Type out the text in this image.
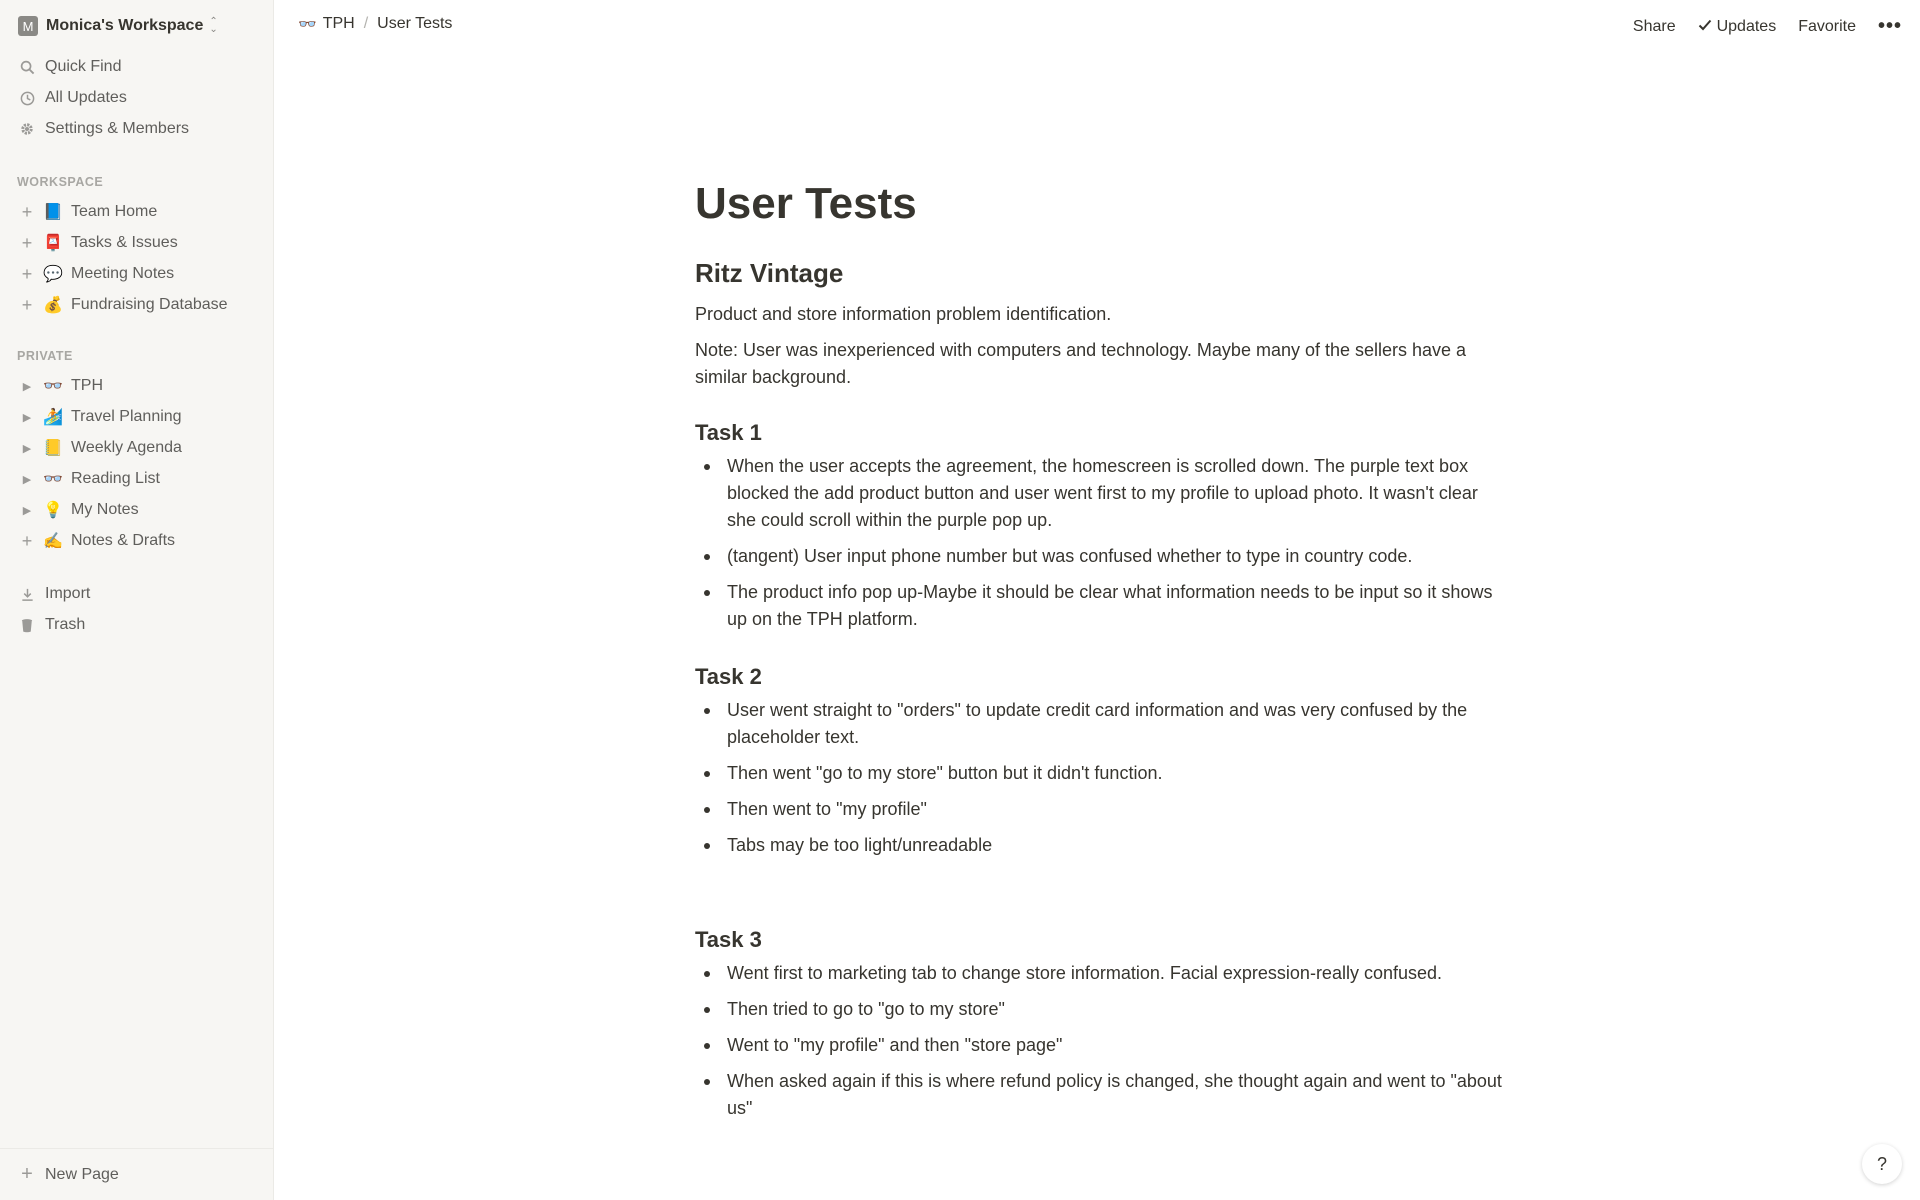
M Monica's Workspace ⌃
⌄
Quick Find
All Updates
Settings & Members
WORKSPACE
+ 📘 Team Home
+ 📮 Tasks & Issues
+ 💬 Meeting Notes
+ 💰 Fundraising Database
PRIVATE
▶ 👓 TPH
▶ 🏄 Travel Planning
▶ 📒 Weekly Agenda
▶ 👓 Reading List
▶ 💡 My Notes
+ ✍️ Notes & Drafts
Import
Trash
+ New Page
👓 TPH / User Tests	Share	Updates Favorite •••
User Tests
Ritz Vintage
Product and store information problem identification.
Note: User was inexperienced with computers and technology. Maybe many of the sellers have a similar background.
Task 1
When the user accepts the agreement, the homescreen is scrolled down. The purple text box blocked the add product button and user went first to my profile to upload photo. It wasn't clear she could scroll within the purple pop up.
(tangent) User input phone number but was confused whether to type in country code.
The product info pop up-Maybe it should be clear what information needs to be input so it shows up on the TPH platform.
Task 2
User went straight to "orders" to update credit card information and was very confused by the placeholder text.
Then went "go to my store" button but it didn't function.
Then went to "my profile"
Tabs may be too light/unreadable
Task 3
Went first to marketing tab to change store information. Facial expression-really confused.
Then tried to go to "go to my store"
Went to "my profile" and then "store page"
When asked again if this is where refund policy is changed, she thought again and went to "about us"
?
